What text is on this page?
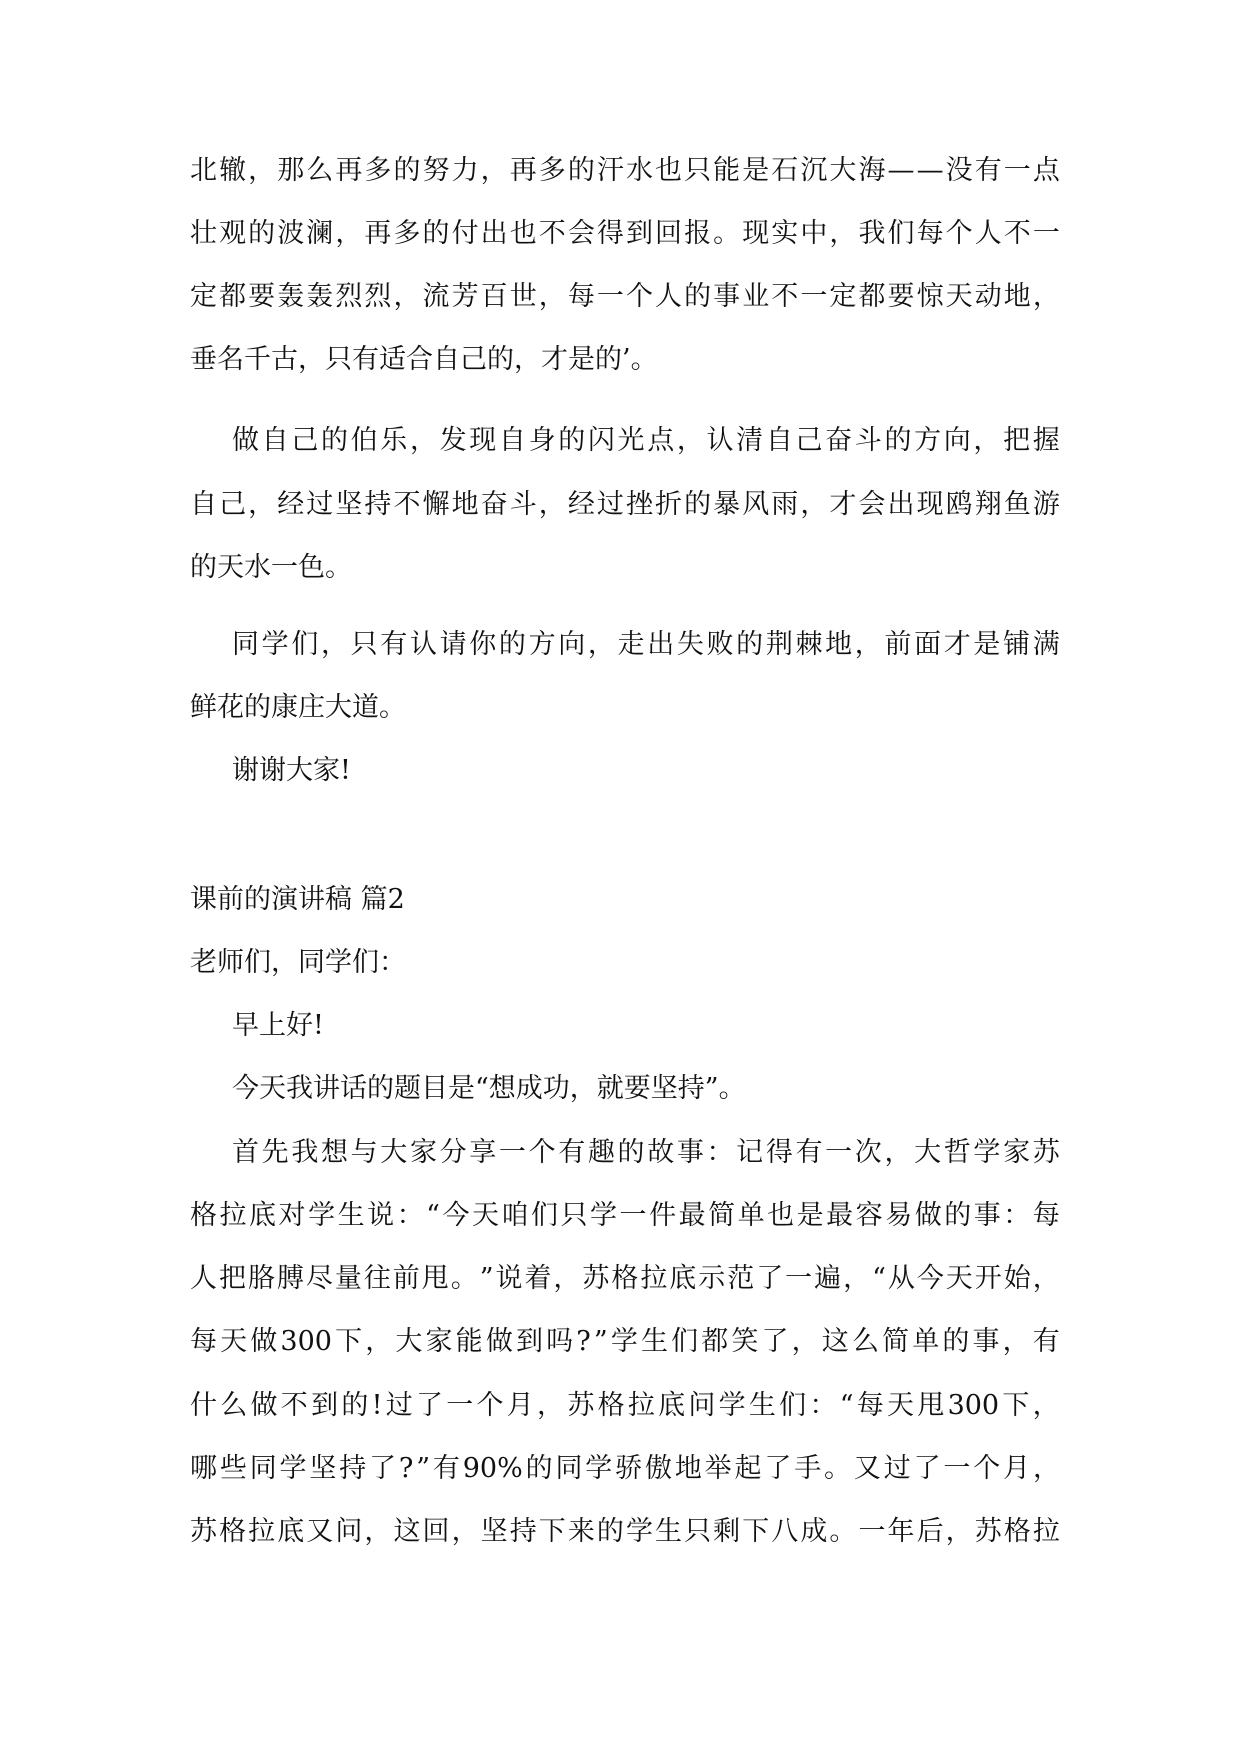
北 辙 ， 那 么 再 多 的 努 力 ， 再 多 的 汗 水 也 只 能 是 石 沉 大 海 — — 没 有 一 点
壮 观 的 波 澜 ， 再 多 的 付 出 也 不 会 得 到 回 报 。 现 实 中 ， 我 们 每 个 人 不 一
定 都 要 轰 轰 烈 烈 ， 流 芳 百 世 ， 每 一 个 人 的 事 业 不 一 定 都 要 惊 天 动 地 ，
垂名千古，只有适合自己的，才是的’。
做 自 己 的 伯 乐 ， 发 现 自 身 的 闪 光 点 ， 认 清 自 己 奋 斗 的 方 向 ， 把 握
自 己 ， 经 过 坚 持 不 懈 地 奋 斗 ， 经 过 挫 折 的 暴 风 雨 ， 才 会 出 现 鸥 翔 鱼 游
的天水一色。
同 学 们 ， 只 有 认 请 你 的 方 向 ， 走 出 失 败 的 荆 棘 地 ， 前 面 才 是 铺 满
鲜花的康庄大道。
谢谢大家!
课前的演讲稿 篇2
老师们，同学们：
早上好!
今天我讲话的题目是“想成功，就要坚持”。
首 先 我 想 与 大 家 分 享 一 个 有 趣 的 故 事 ： 记 得 有 一 次 ， 大 哲 学 家 苏
格 拉 底 对 学 生 说 ： “ 今 天 咱 们 只 学 一 件 最 简 单 也 是 最 容 易 做 的 事 ： 每
人 把 胳 膊 尽 量 往 前 甩 。 ” 说 着 ， 苏 格 拉 底 示 范 了 一 遍 ， “ 从 今 天 开 始 ，
每 天 做 300 下 ， 大 家 能 做 到 吗 ? ” 学 生 们 都 笑 了 ， 这 么 简 单 的 事 ， 有
什 么 做 不 到 的 ! 过 了 一 个 月 ， 苏 格 拉 底 问 学 生 们 ： “ 每 天 甩 300 下 ，
哪 些 同 学 坚 持 了 ? ” 有 90% 的 同 学 骄 傲 地 举 起 了 手 。 又 过 了 一 个 月 ，
苏 格 拉 底 又 问 ， 这 回 ， 坚 持 下 来 的 学 生 只 剩 下 八 成 。 一 年 后 ， 苏 格 拉
